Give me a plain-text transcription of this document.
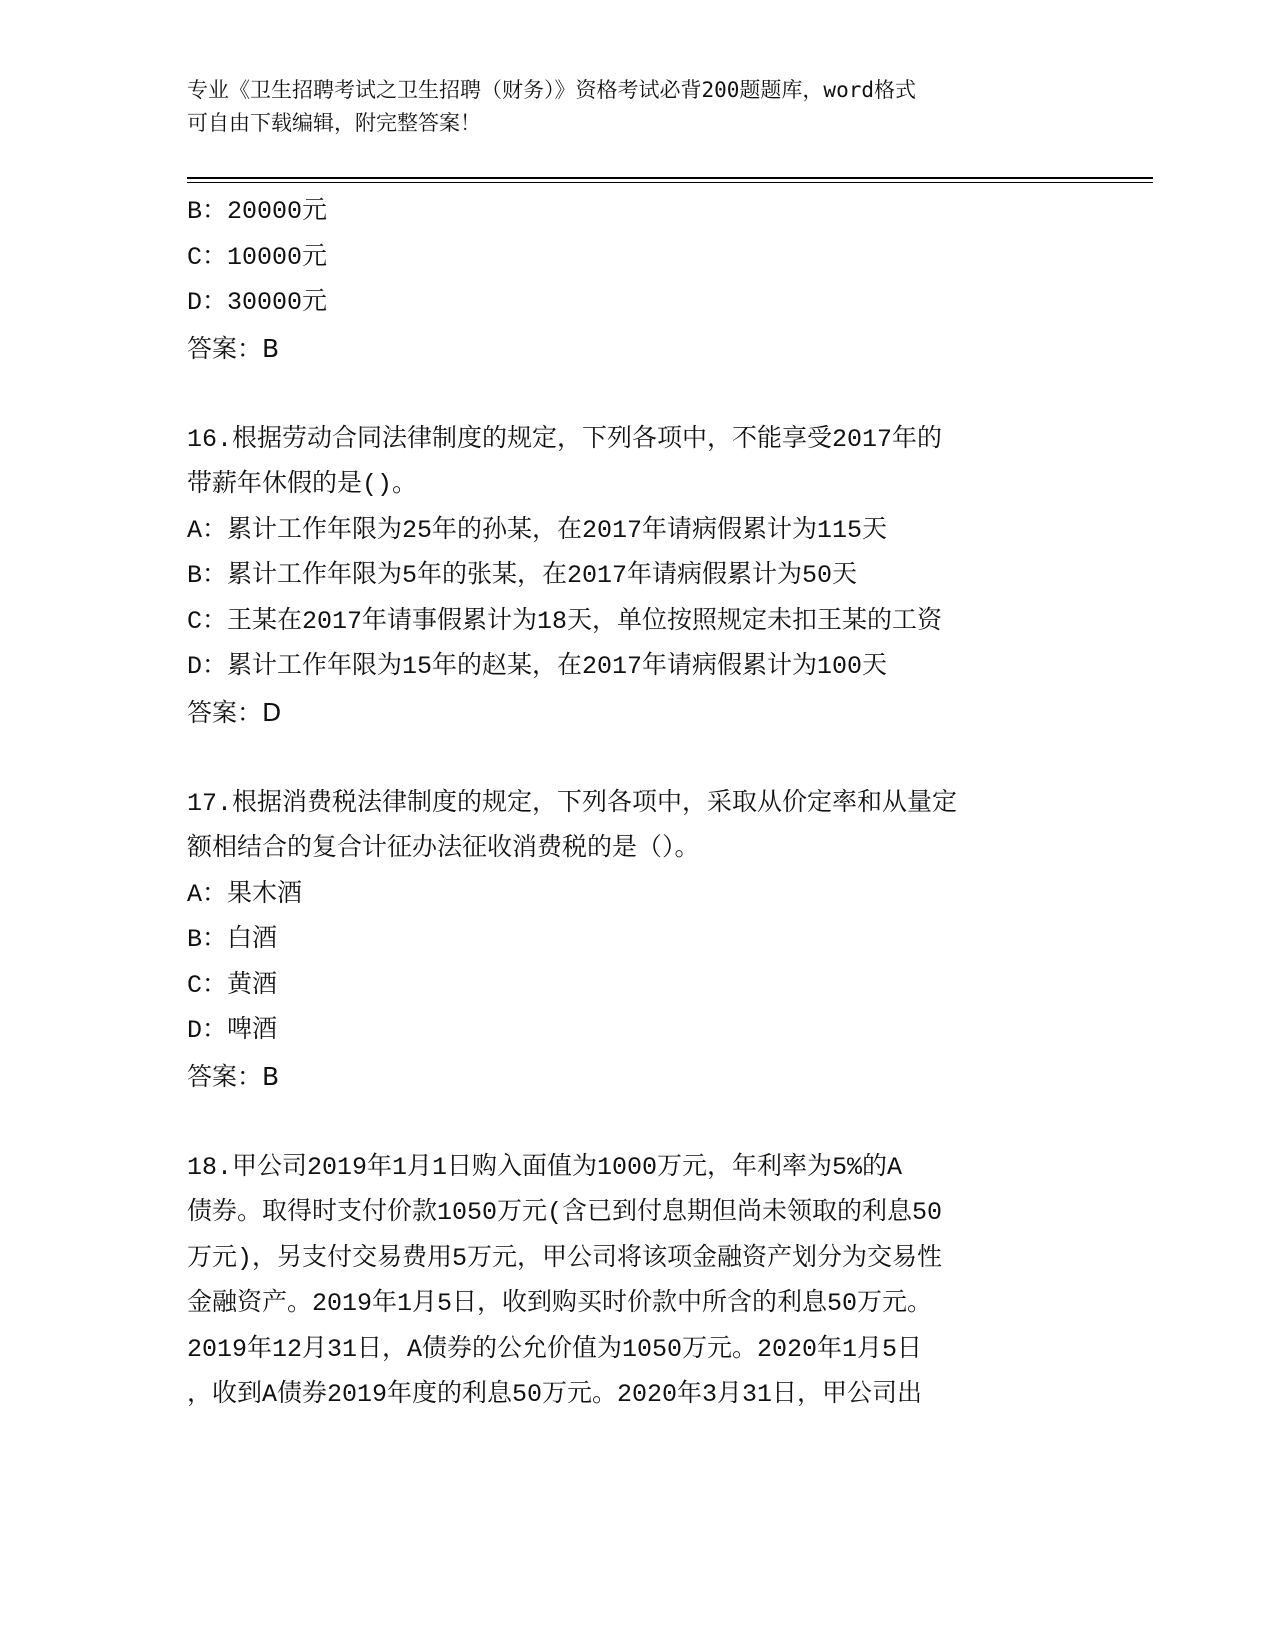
专业《卫生招聘考试之卫生招聘（财务）》资格考试必背200题题库，word格式
可自由下载编辑，附完整答案！
B：20000元
C：10000元
D：30000元
答案：B
16.根据劳动合同法律制度的规定，下列各项中，不能享受2017年的
带薪年休假的是()。
A：累计工作年限为25年的孙某，在2017年请病假累计为115天
B：累计工作年限为5年的张某，在2017年请病假累计为50天
C：王某在2017年请事假累计为18天，单位按照规定未扣王某的工资
D：累计工作年限为15年的赵某，在2017年请病假累计为100天
答案：D
17.根据消费税法律制度的规定，下列各项中，采取从价定率和从量定
额相结合的复合计征办法征收消费税的是（）。
A：果木酒
B：白酒
C：黄酒
D：啤酒
答案：B
18.甲公司2019年1月1日购入面值为1000万元，年利率为5%的A
债券。取得时支付价款1050万元(含已到付息期但尚未领取的利息50
万元)，另支付交易费用5万元，甲公司将该项金融资产划分为交易性
金融资产。2019年1月5日，收到购买时价款中所含的利息50万元。
2019年12月31日，A债券的公允价值为1050万元。2020年1月5日
，收到A债券2019年度的利息50万元。2020年3月31日，甲公司出
